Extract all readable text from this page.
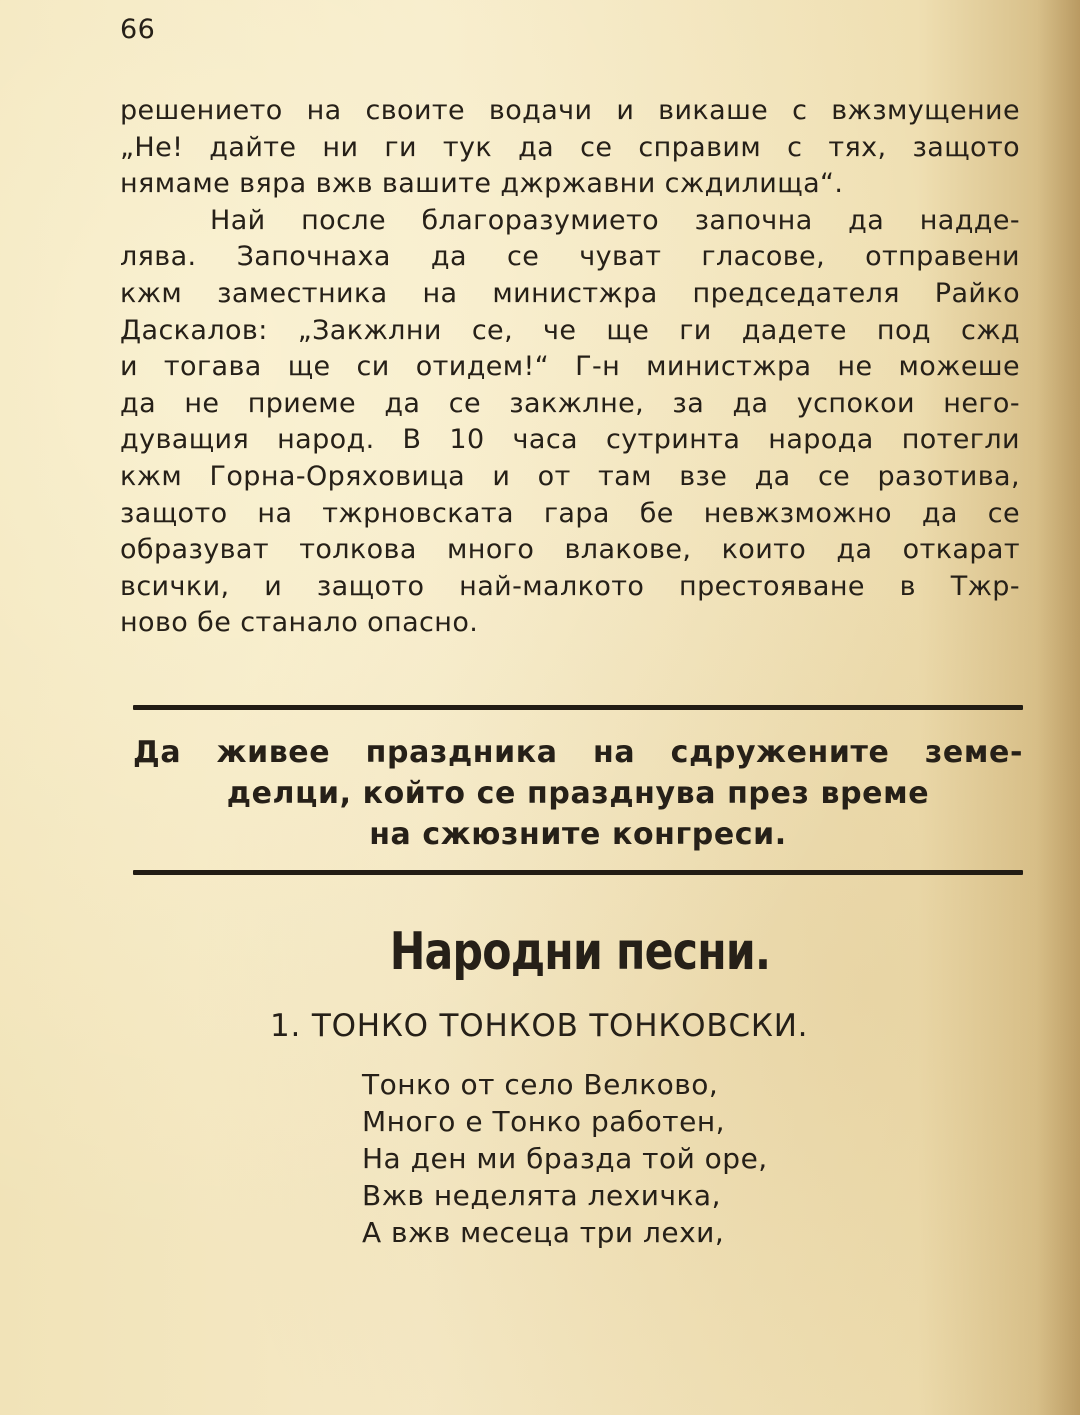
66
решението на своите водачи и викаше с вжзмущение
„Не! дайте ни ги тук да се справим с тях, защото
нямаме вяра вжв вашите джржавни сждилища“.
Най после благоразумието започна да надде-
лява. Започнаха да се чуват гласове, отправени
кжм заместника на министжра председателя Райко
Даскалов: „Закжлни се, че ще ги дадете под сжд
и тогава ще си отидем!“ Г-н министжра не можеше
да не приеме да се закжлне, за да успокои него-
дуващия народ. В 10 часа сутринта народа потегли
кжм Горна-Оряховица и от там взе да се разотива,
защото на тжрновската гара бе невжзможно да се
образуват толкова много влакове, които да откарат
всички, и защото най-малкото престояване в Тжр-
ново бе станало опасно.
Да живее праздника на сдружените земе-
делци, който се празднува през време
на сжюзните конгреси.
Народни песни.
1. ТОНКО ТОНКОВ ТОНКОВСКИ.
Тонко от село Велково,
Много е Тонко работен,
На ден ми бразда той оре,
Вжв неделята лехичка,
А вжв месеца три лехи,
